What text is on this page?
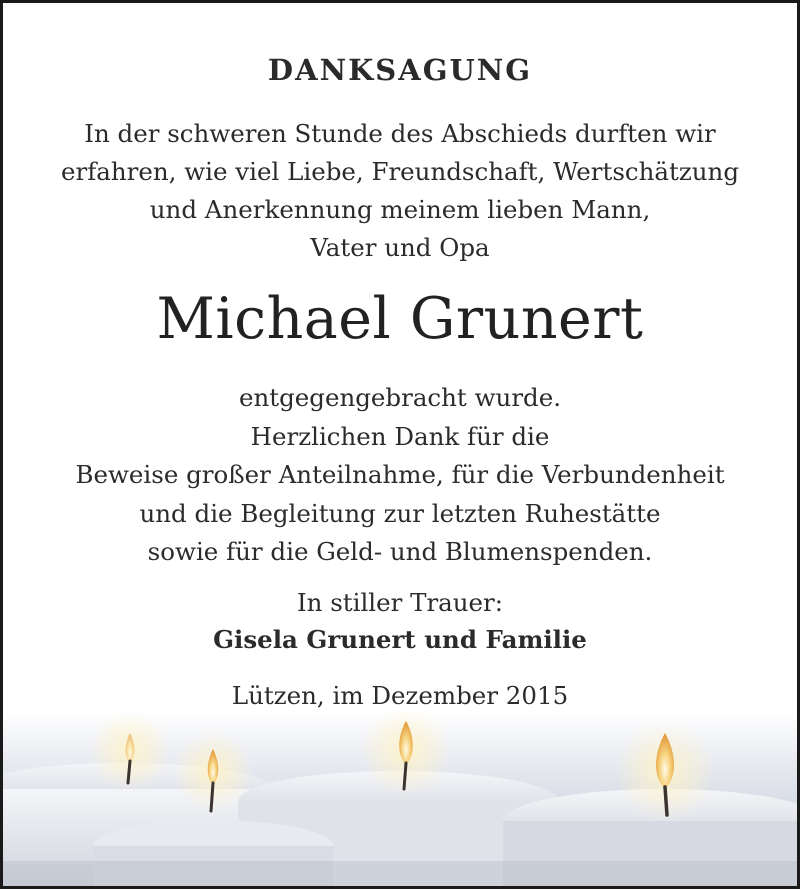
DANKSAGUNG
In der schweren Stunde des Abschieds durften wir
erfahren, wie viel Liebe, Freundschaft, Wertschätzung
und Anerkennung meinem lieben Mann,
Vater und Opa
Michael Grunert
entgegengebracht wurde.
Herzlichen Dank für die
Beweise großer Anteilnahme, für die Verbundenheit
und die Begleitung zur letzten Ruhestätte
sowie für die Geld- und Blumenspenden.
In stiller Trauer:
Gisela Grunert und Familie
Lützen, im Dezember 2015
